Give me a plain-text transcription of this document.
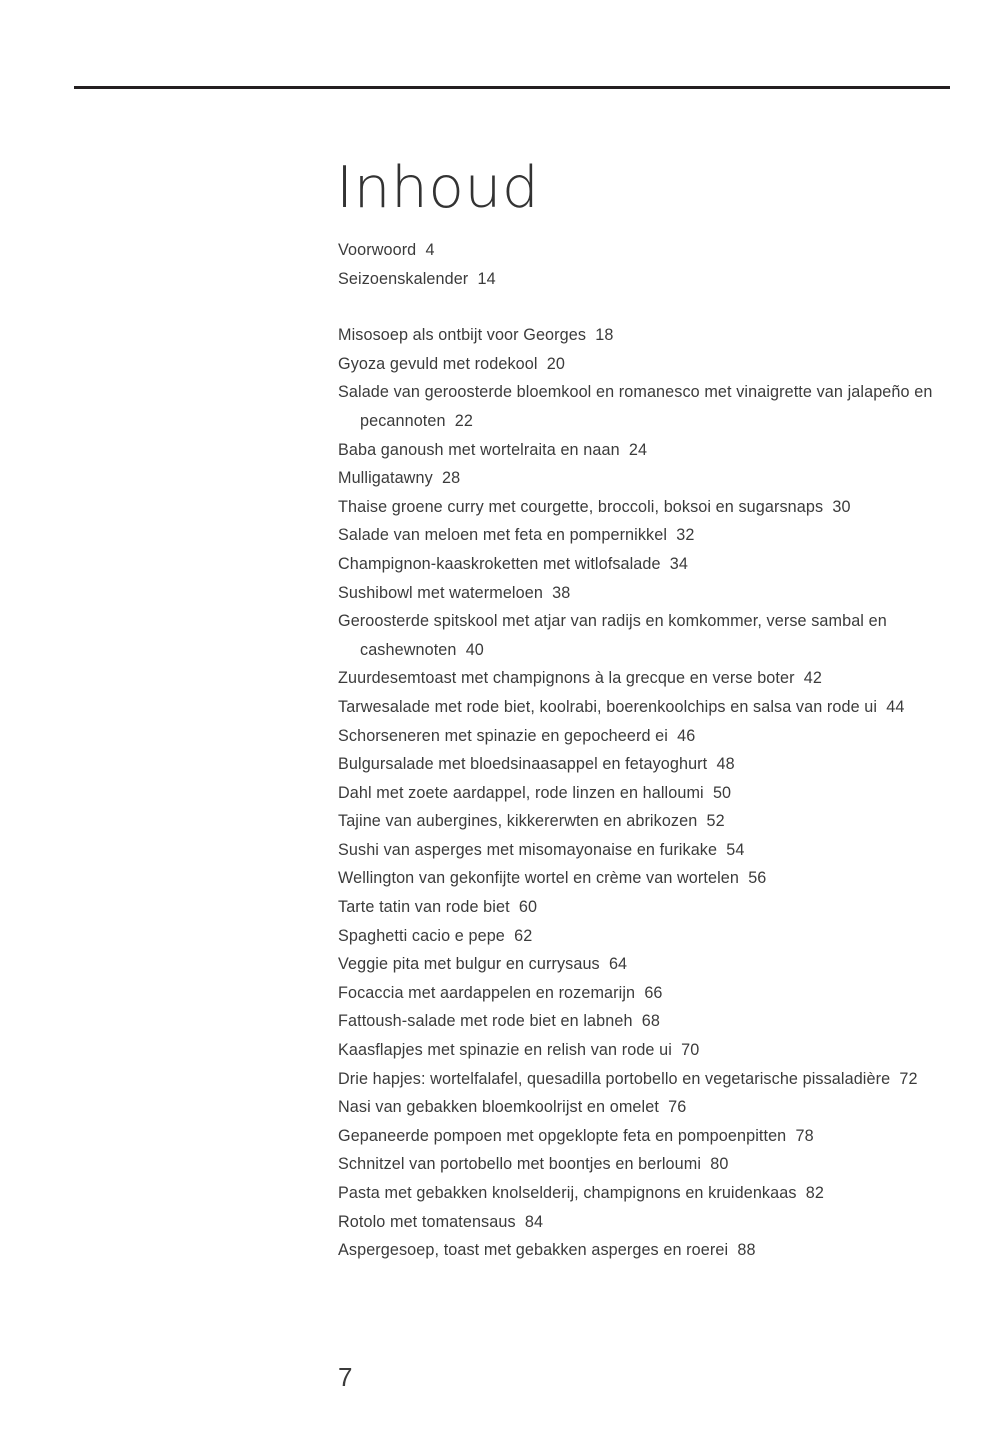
Inhoud
Voorwoord  4
Seizoenskalender  14
Misosoep als ontbijt voor Georges  18
Gyoza gevuld met rodekool  20
Salade van geroosterde bloemkool en romanesco met vinaigrette van jalapeño en pecannoten  22
Baba ganoush met wortelraita en naan  24
Mulligatawny  28
Thaise groene curry met courgette, broccoli, boksoi en sugarsnaps  30
Salade van meloen met feta en pompernikkel  32
Champignon-kaaskroketten met witlofsalade  34
Sushibowl met watermeloen  38
Geroosterde spitskool met atjar van radijs en komkommer, verse sambal en cashewnoten  40
Zuurdesemtoast met champignons à la grecque en verse boter  42
Tarwesalade met rode biet, koolrabi, boerenkoolchips en salsa van rode ui  44
Schorseneren met spinazie en gepocheerd ei  46
Bulgursalade met bloedsinaasappel en fetayoghurt  48
Dahl met zoete aardappel, rode linzen en halloumi  50
Tajine van aubergines, kikkererwten en abrikozen  52
Sushi van asperges met misomayonaise en furikake  54
Wellington van gekonfijte wortel en crème van wortelen  56
Tarte tatin van rode biet  60
Spaghetti cacio e pepe  62
Veggie pita met bulgur en currysaus  64
Focaccia met aardappelen en rozemarijn  66
Fattoush-salade met rode biet en labneh  68
Kaasflapjes met spinazie en relish van rode ui  70
Drie hapjes: wortelfalafel, quesadilla portobello en vegetarische pissaladière  72
Nasi van gebakken bloemkoolrijst en omelet  76
Gepaneerde pompoen met opgeklopte feta en pompoenpitten  78
Schnitzel van portobello met boontjes en berloumi  80
Pasta met gebakken knolselderij, champignons en kruidenkaas  82
Rotolo met tomatensaus  84
Aspergesoep, toast met gebakken asperges en roerei  88
7
